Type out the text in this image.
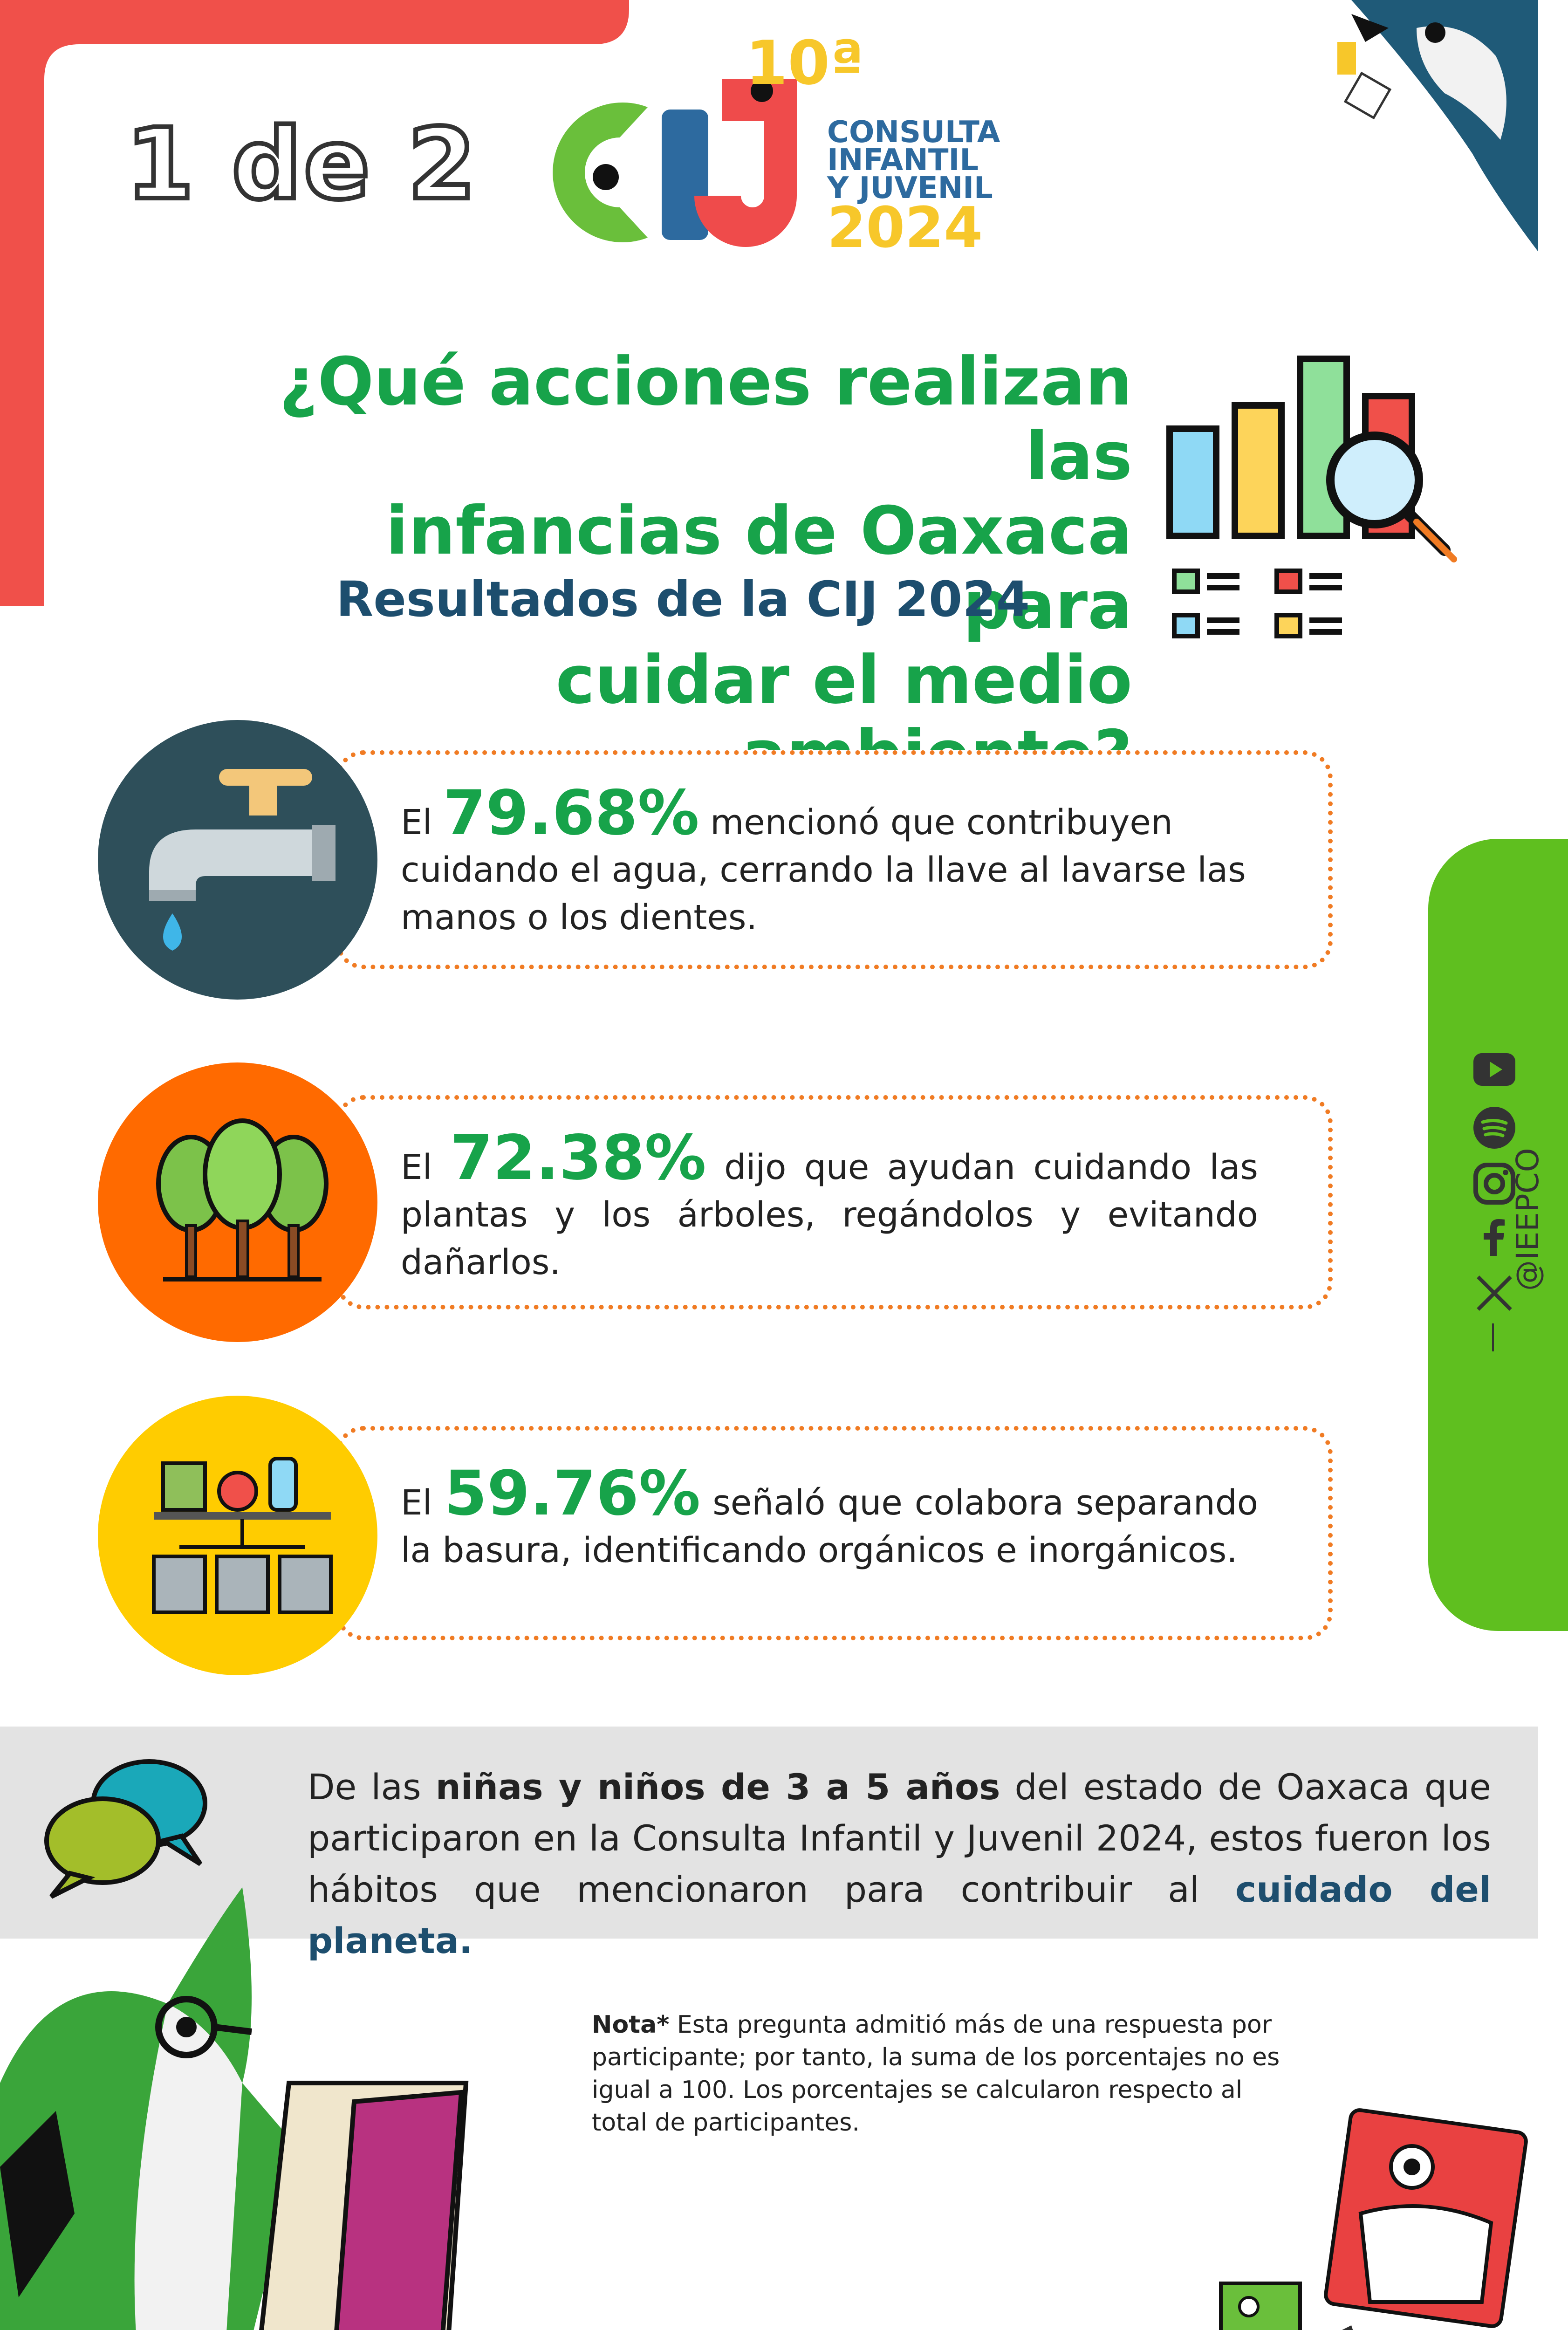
1 de 2
10ª
CONSULTA
INFANTIL
Y JUVENIL
2024
¿Qué acciones realizan las
infancias de Oaxaca para
cuidar el medio
Resultados de la CIJ 2024
El 79.68% mencionó que contribuyen cuidando el agua, cerrando la llave al lavarse las manos o los dientes.
El 72.38% dijo que ayudan cuidando las plantas y los árboles, regándolos y evitando dañarlos.
El 59.76% señaló que colabora separando la basura, identificando orgánicos e inorgánicos.
@IEEPCO
De las niñas y niños de 3 a 5 años del estado de Oaxaca que participaron en la Consulta Infantil y Juvenil 2024, estos fueron los hábitos que mencionaron para contribuir al cuidado del planeta.
Nota* Esta pregunta admitió más de una respuesta por participante; por tanto, la suma de los porcentajes no es igual a 100. Los porcentajes se calcularon respecto al total de participantes.
